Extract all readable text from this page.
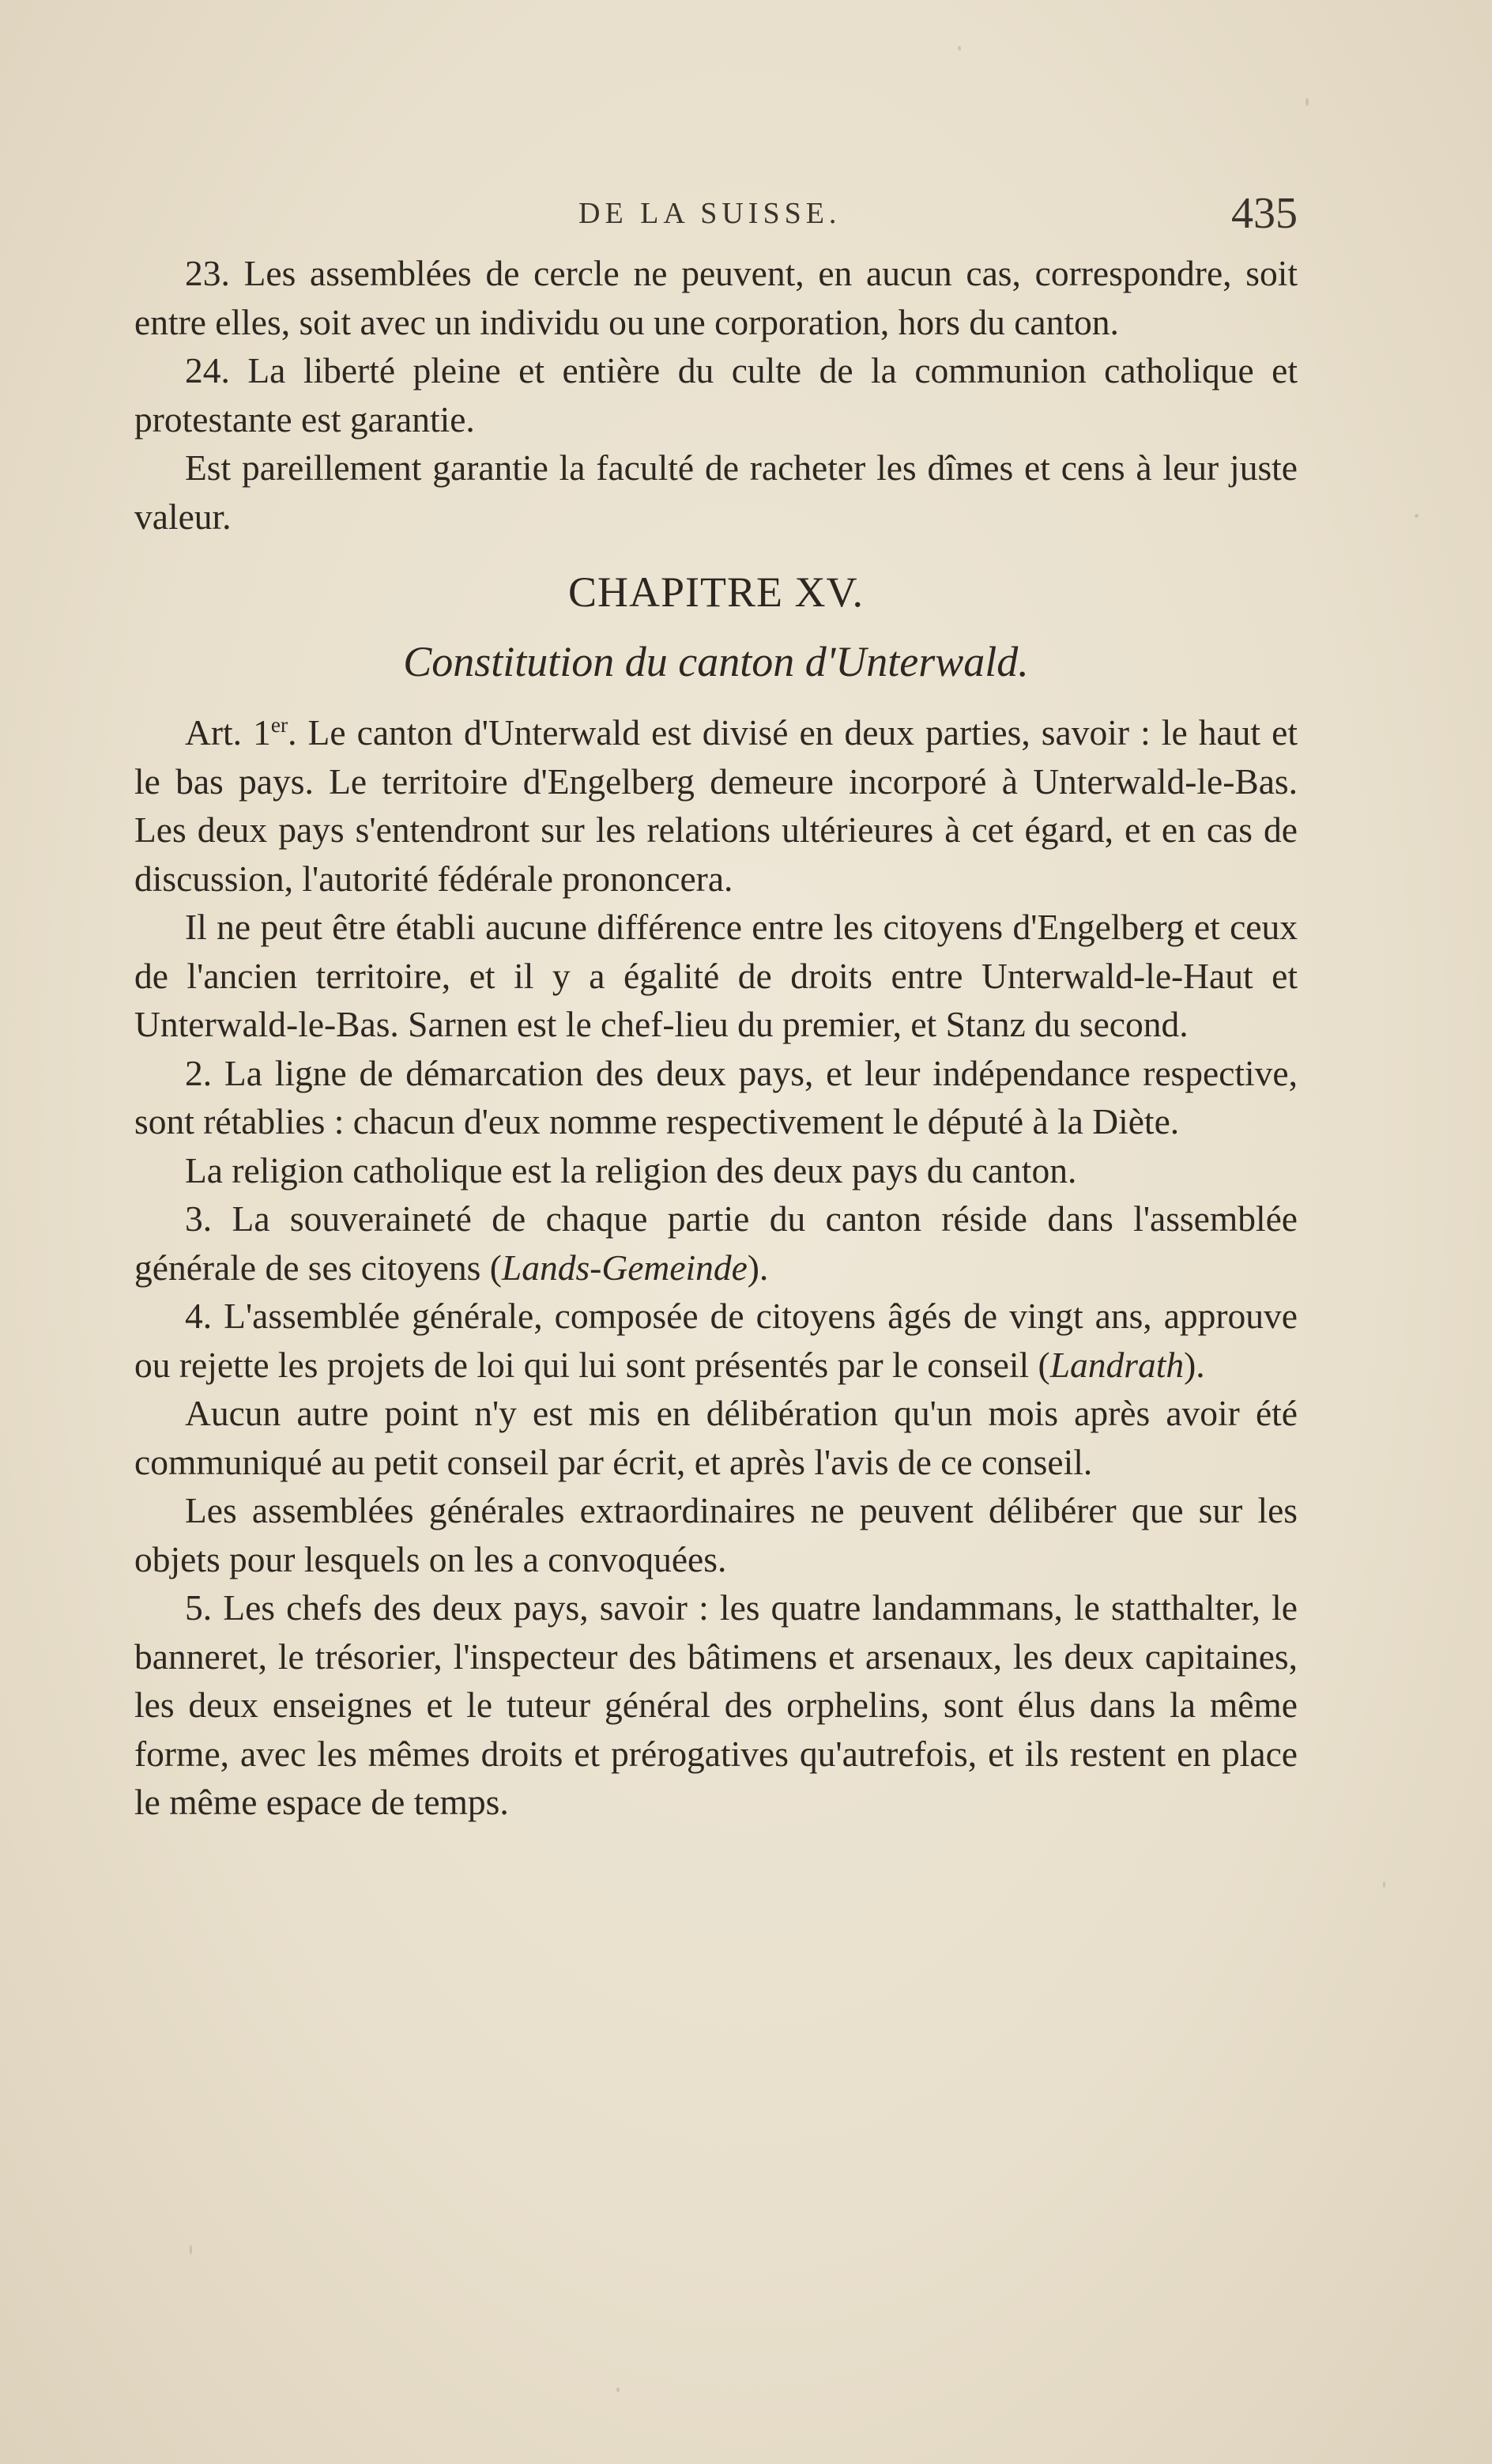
DE LA SUISSE.	435

23. Les assemblées de cercle ne peuvent, en aucun cas, correspondre, soit entre elles, soit avec un individu ou une corporation, hors du canton.

24. La liberté pleine et entière du culte de la communion catholique et protestante est garantie.

Est pareillement garantie la faculté de racheter les dîmes et cens à leur juste valeur.

CHAPITRE XV.

Constitution du canton d'Unterwald.

Art. 1er. Le canton d'Unterwald est divisé en deux parties, savoir : le haut et le bas pays. Le territoire d'Engelberg demeure incorporé à Unterwald-le-Bas. Les deux pays s'entendront sur les relations ultérieures à cet égard, et en cas de discussion, l'autorité fédérale prononcera.

Il ne peut être établi aucune différence entre les citoyens d'Engelberg et ceux de l'ancien territoire, et il y a égalité de droits entre Unterwald-le-Haut et Unterwald-le-Bas. Sarnen est le chef-lieu du premier, et Stanz du second.

2. La ligne de démarcation des deux pays, et leur indépendance respective, sont rétablies : chacun d'eux nomme respectivement le député à la Diète.

La religion catholique est la religion des deux pays du canton.

3. La souveraineté de chaque partie du canton réside dans l'assemblée générale de ses citoyens (Lands-Gemeinde).

4. L'assemblée générale, composée de citoyens âgés de vingt ans, approuve ou rejette les projets de loi qui lui sont présentés par le conseil (Landrath).

Aucun autre point n'y est mis en délibération qu'un mois après avoir été communiqué au petit conseil par écrit, et après l'avis de ce conseil.

Les assemblées générales extraordinaires ne peuvent délibérer que sur les objets pour lesquels on les a convoquées.

5. Les chefs des deux pays, savoir : les quatre landammans, le statthalter, le banneret, le trésorier, l'inspecteur des bâtimens et arsenaux, les deux capitaines, les deux enseignes et le tuteur général des orphelins, sont élus dans la même forme, avec les mêmes droits et prérogatives qu'autrefois, et ils restent en place le même espace de temps.
